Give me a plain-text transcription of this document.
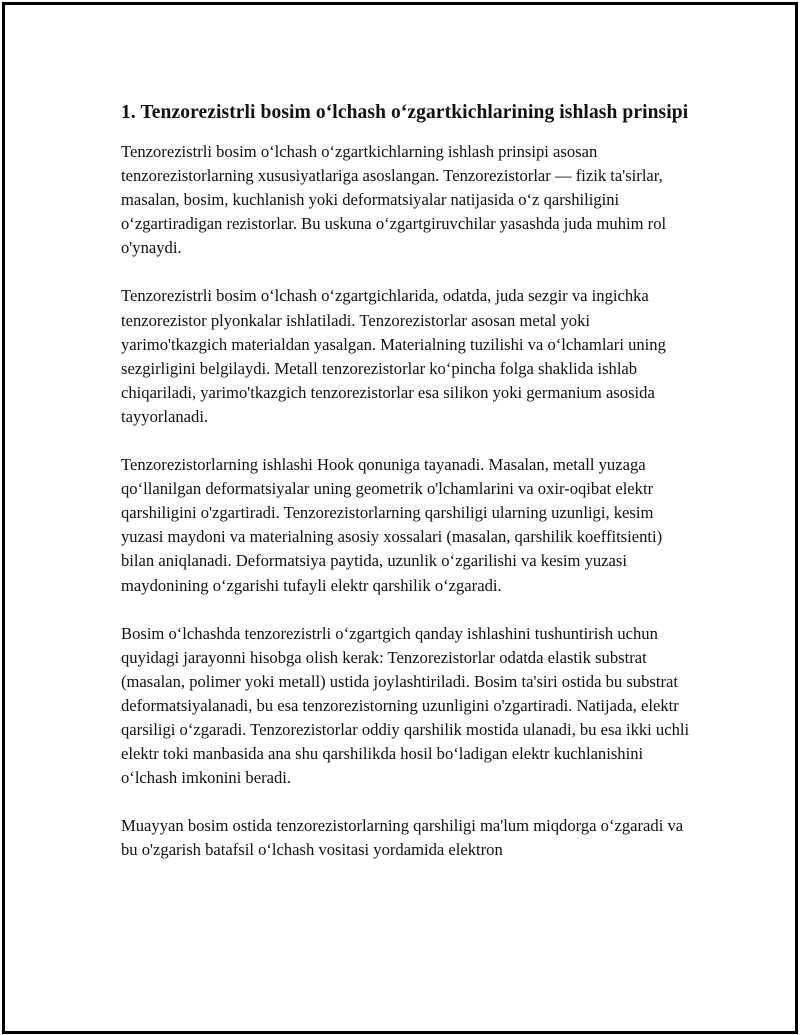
1. Tenzorezistrli bosim o‘lchash o‘zgartkichlarining ishlash prinsipi

Tenzorezistrli bosim o‘lchash o‘zgartkichlarning ishlash prinsipi asosan tenzorezistorlarning xususiyatlariga asoslangan. Tenzorezistorlar — fizik ta'sirlar, masalan, bosim, kuchlanish yoki deformatsiyalar natijasida o‘z qarshiligini o‘zgartiradigan rezistorlar. Bu uskuna o‘zgartgiruvchilar yasashda juda muhim rol o'ynaydi.

Tenzorezistrli bosim o‘lchash o‘zgartgichlarida, odatda, juda sezgir va ingichka tenzorezistor plyonkalar ishlatiladi. Tenzorezistorlar asosan metal yoki yarimo'tkazgich materialdan yasalgan. Materialning tuzilishi va o‘lchamlari uning sezgirligini belgilaydi. Metall tenzorezistorlar ko‘pincha folga shaklida ishlab chiqariladi, yarimo'tkazgich tenzorezistorlar esa silikon yoki germanium asosida tayyorlanadi.

Tenzorezistorlarning ishlashi Hook qonuniga tayanadi. Masalan, metall yuzaga qo‘llanilgan deformatsiyalar uning geometrik o'lchamlarini va oxir-oqibat elektr qarshiligini o'zgartiradi. Tenzorezistorlarning qarshiligi ularning uzunligi, kesim yuzasi maydoni va materialning asosiy xossalari (masalan, qarshilik koeffitsienti) bilan aniqlanadi. Deformatsiya paytida, uzunlik o‘zgarilishi va kesim yuzasi maydonining o‘zgarishi tufayli elektr qarshilik o‘zgaradi.

Bosim o‘lchashda tenzorezistrli o‘zgartgich qanday ishlashini tushuntirish uchun quyidagi jarayonni hisobga olish kerak: Tenzorezistorlar odatda elastik substrat (masalan, polimer yoki metall) ustida joylashtiriladi. Bosim ta'siri ostida bu substrat deformatsiyalanadi, bu esa tenzorezistorning uzunligini o'zgartiradi. Natijada, elektr qarsiligi o‘zgaradi. Tenzorezistorlar oddiy qarshilik mostida ulanadi, bu esa ikki uchli elektr toki manbasida ana shu qarshilikda hosil bo‘ladigan elektr kuchlanishini o‘lchash imkonini beradi.

Muayyan bosim ostida tenzorezistorlarning qarshiligi ma'lum miqdorga o‘zgaradi va bu o'zgarish batafsil o‘lchash vositasi yordamida elektron
